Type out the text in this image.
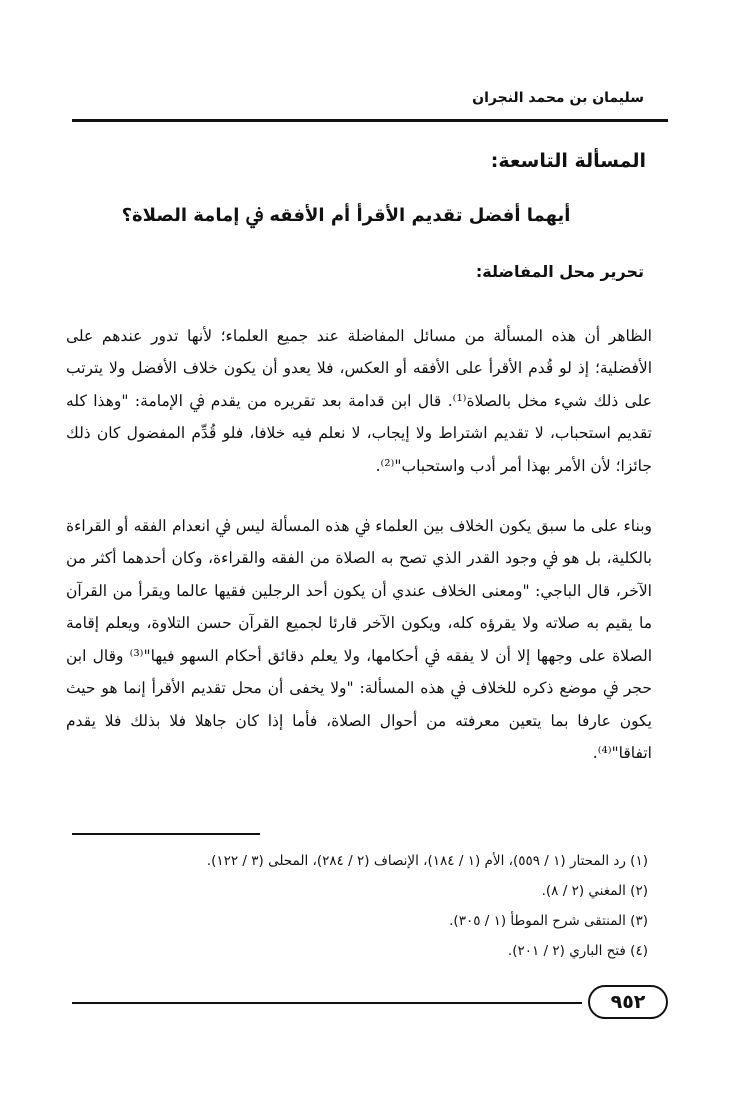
سليمان بن محمد النجران
المسألة التاسعة:
أيهما أفضل تقديم الأقرأ أم الأفقه ﰲ إمامة الصلاة؟
تحرير محل المفاضلة:

الظاهر أن هذه المسألة من مسائل المفاضلة عند جميع العلماء؛ لأنها تدور عندهم على الأفضلية؛ إذ لو قُدم الأقرأ على الأفقه أو العكس، فلا يعدو أن يكون خلاف الأفضل ولا يترتب على ذلك شيء مخل بالصلاة⁽¹⁾. قال ابن قدامة بعد تقريره من يقدم ﰲ الإمامة: "وهذا كله تقديم استحباب، لا تقديم اشتراط ولا إيجاب، لا نعلم فيه خلافا، فلو قُدِّم المفضول كان ذلك جائزا؛ لأن الأمر بهذا أمر أدب واستحباب"⁽²⁾.

وبناء على ما سبق يكون الخلاف بين العلماء ﰲ هذه المسألة ليس ﰲ انعدام الفقه أو القراءة بالكلية، بل هو ﰲ وجود القدر الذي تصح به الصلاة من الفقه والقراءة، وكان أحدهما أكثر من الآخر، قال الباجي: "ومعنى الخلاف عندي أن يكون أحد الرجلين فقيها عالما ويقرأ من القرآن ما يقيم به صلاته ولا يقرؤه كله، ويكون الآخر قارئا لجميع القرآن حسن التلاوة، ويعلم إقامة الصلاة على وجهها إلا أن لا يفقه ﰲ أحكامها، ولا يعلم دقائق أحكام السهو فيها"⁽³⁾ وقال ابن حجر ﰲ موضع ذكره للخلاف ﰲ هذه المسألة: "ولا يخفى أن محل تقديم الأقرأ إنما هو حيث يكون عارفا بما يتعين معرفته من أحوال الصلاة، فأما إذا كان جاهلا فلا بذلك فلا يقدم اتفاقا"⁽⁴⁾.

(١) رد المحتار (١ / ٥٥٩)، الأم (١ / ١٨٤)، الإنصاف (٢ / ٢٨٤)، المحلى (٣ / ١٢٢).
(٢) المغني (٢ / ٨).
(٣) المنتقى شرح الموطأ (١ / ٣٠٥).
(٤) فتح الباري (٢ / ٢٠١).
٩٥٢
